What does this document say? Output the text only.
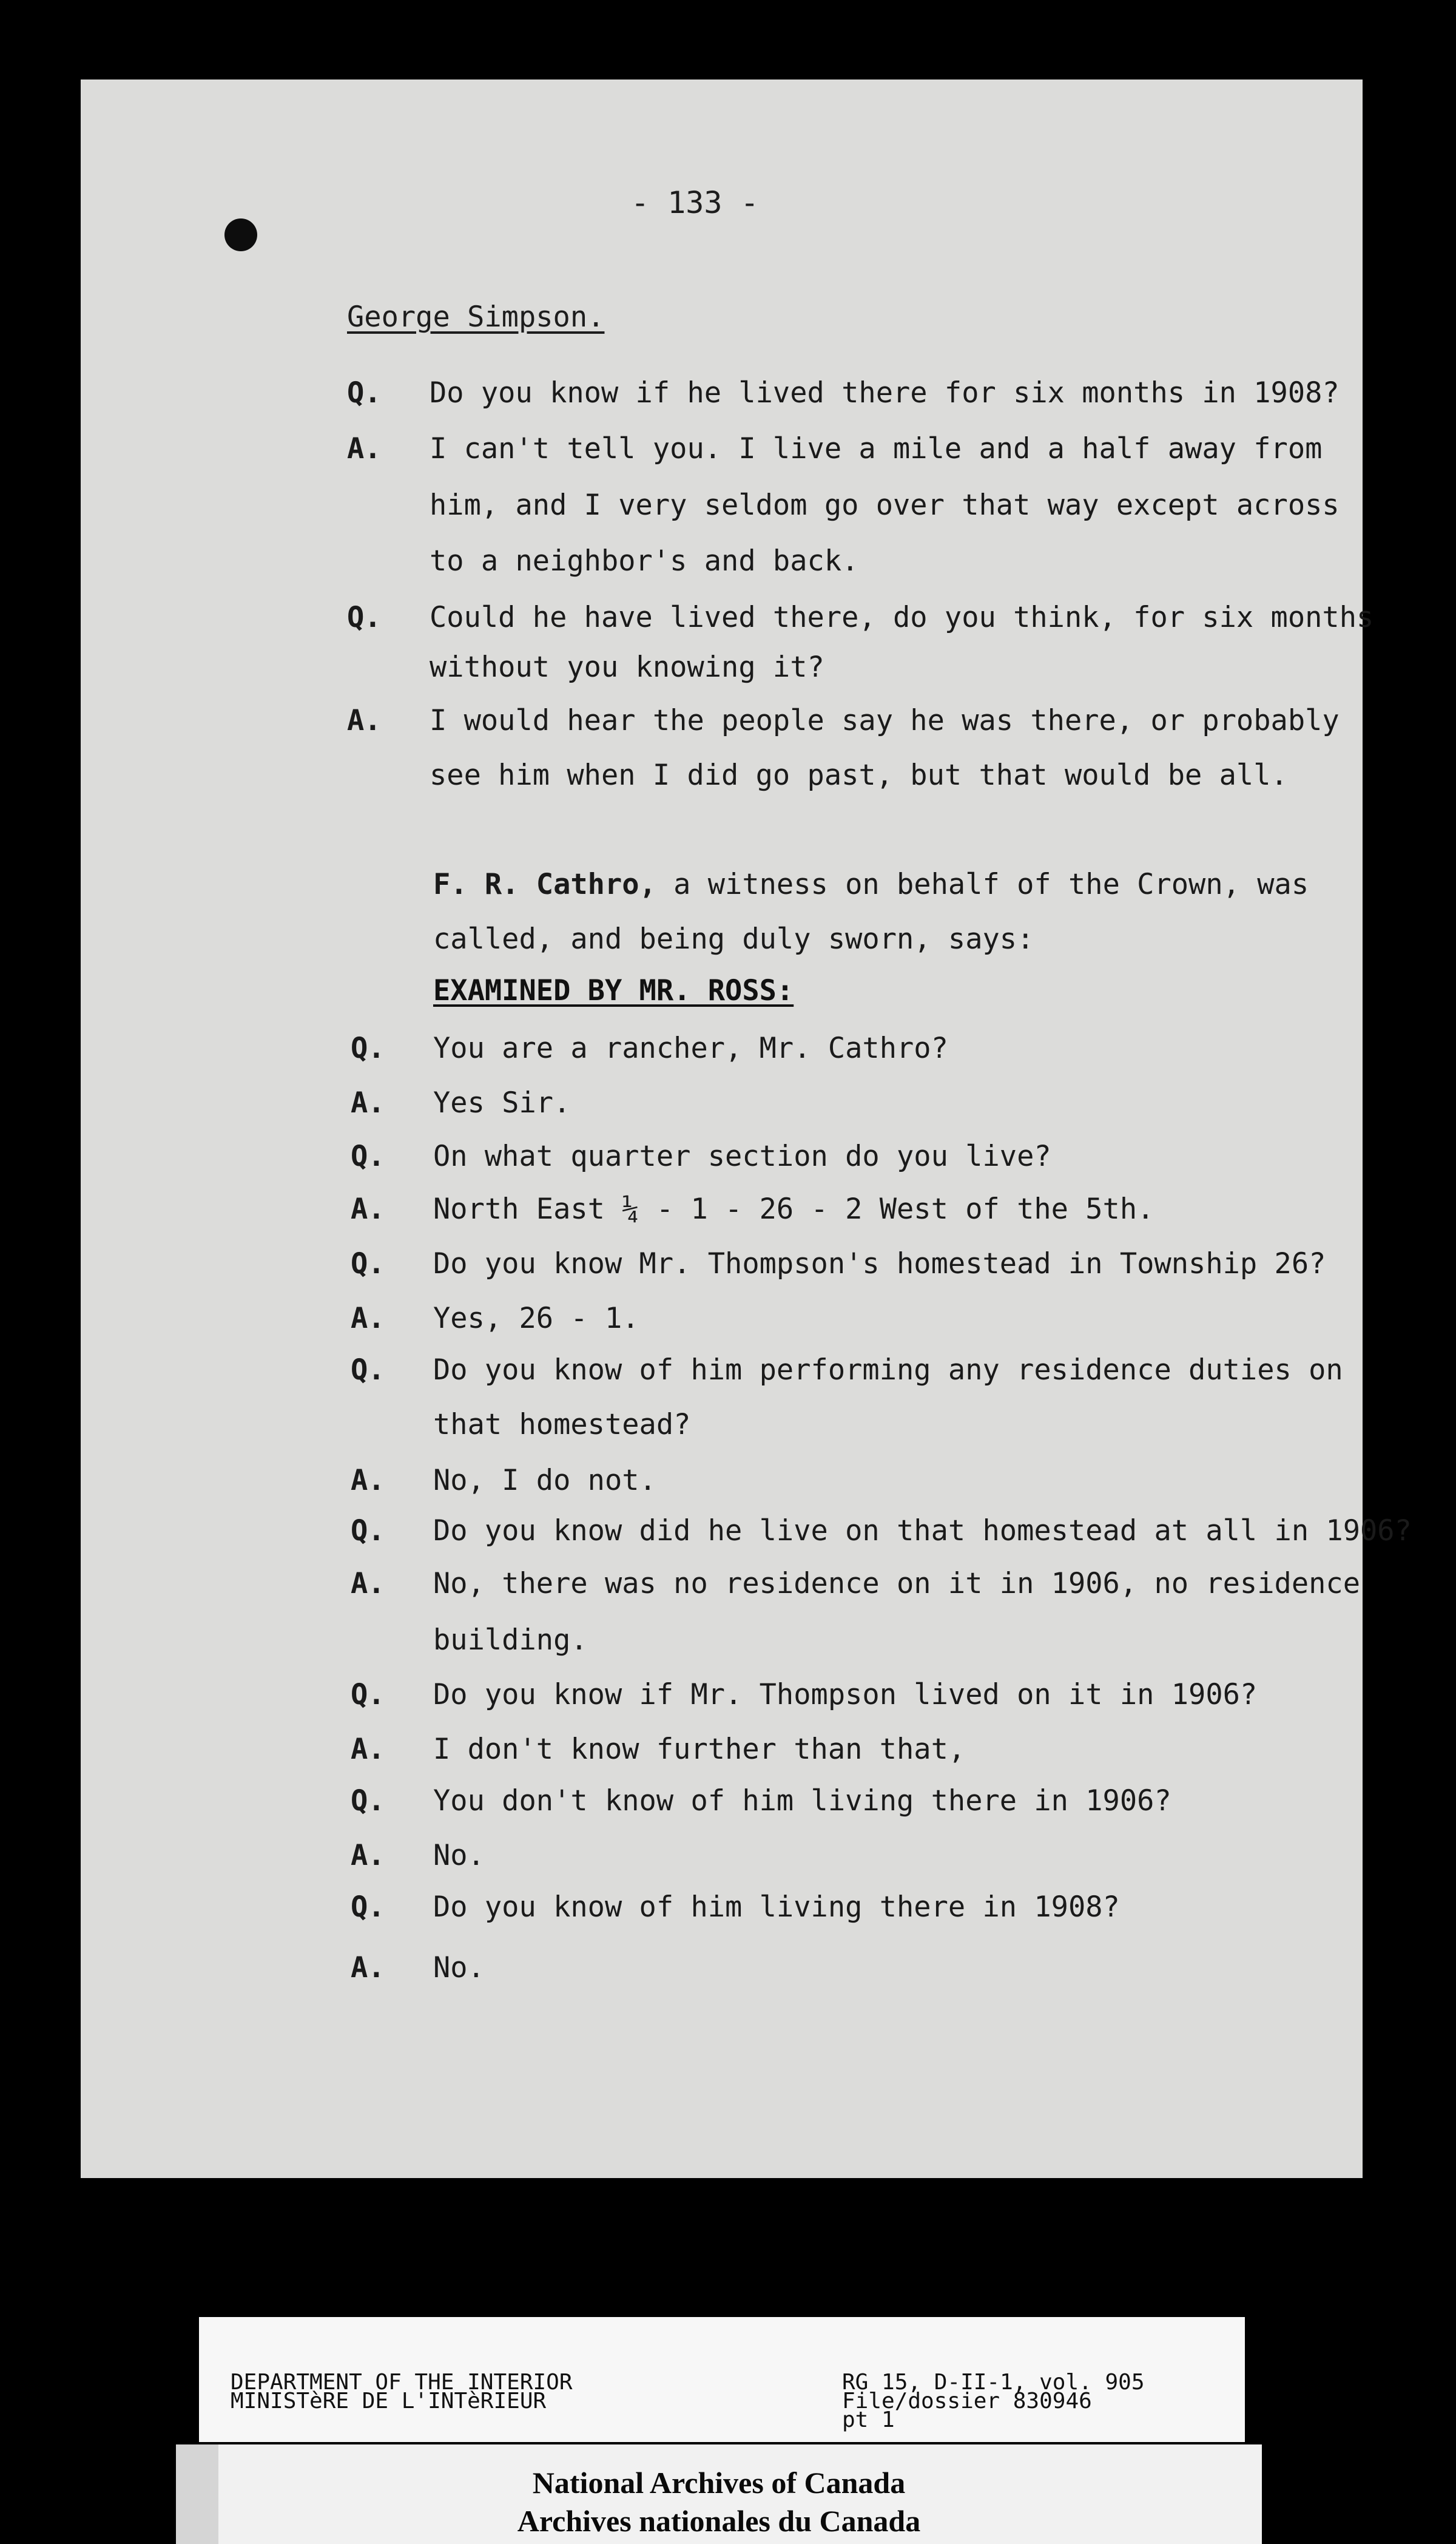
- 133 -
George Simpson.
Q. Do you know if he lived there for six months in 1908?
A. I can't tell you. I live a mile and a half away from
him, and I very seldom go over that way except across
to a neighbor's and back.
Q. Could he have lived there, do you think, for six months
without you knowing it?
A. I would hear the people say he was there, or probably
see him when I did go past, but that would be all.
F. R. Cathro, a witness on behalf of the Crown, was
called, and being duly sworn, says:
EXAMINED BY MR. ROSS:
Q. You are a rancher, Mr. Cathro?
A. Yes Sir.
Q. On what quarter section do you live?
A. North East ¼ - 1 - 26 - 2 West of the 5th.
Q. Do you know Mr. Thompson's homestead in Township 26?
A. Yes, 26 - 1.
Q. Do you know of him performing any residence duties on
that homestead?
A. No, I do not.
Q. Do you know did he live on that homestead at all in 1906?
A. No, there was no residence on it in 1906, no residence
building.
Q. Do you know if Mr. Thompson lived on it in 1906?
A. I don't know further than that,
Q. You don't know of him living there in 1906?
A. No.
Q. Do you know of him living there in 1908?
A. No.
DEPARTMENT OF THE INTERIOR
MINISTèRE DE L'INTèRIEUR
RG 15, D-II-1, vol. 905
File/dossier 830946
pt 1
National Archives of Canada
Archives nationales du Canada
